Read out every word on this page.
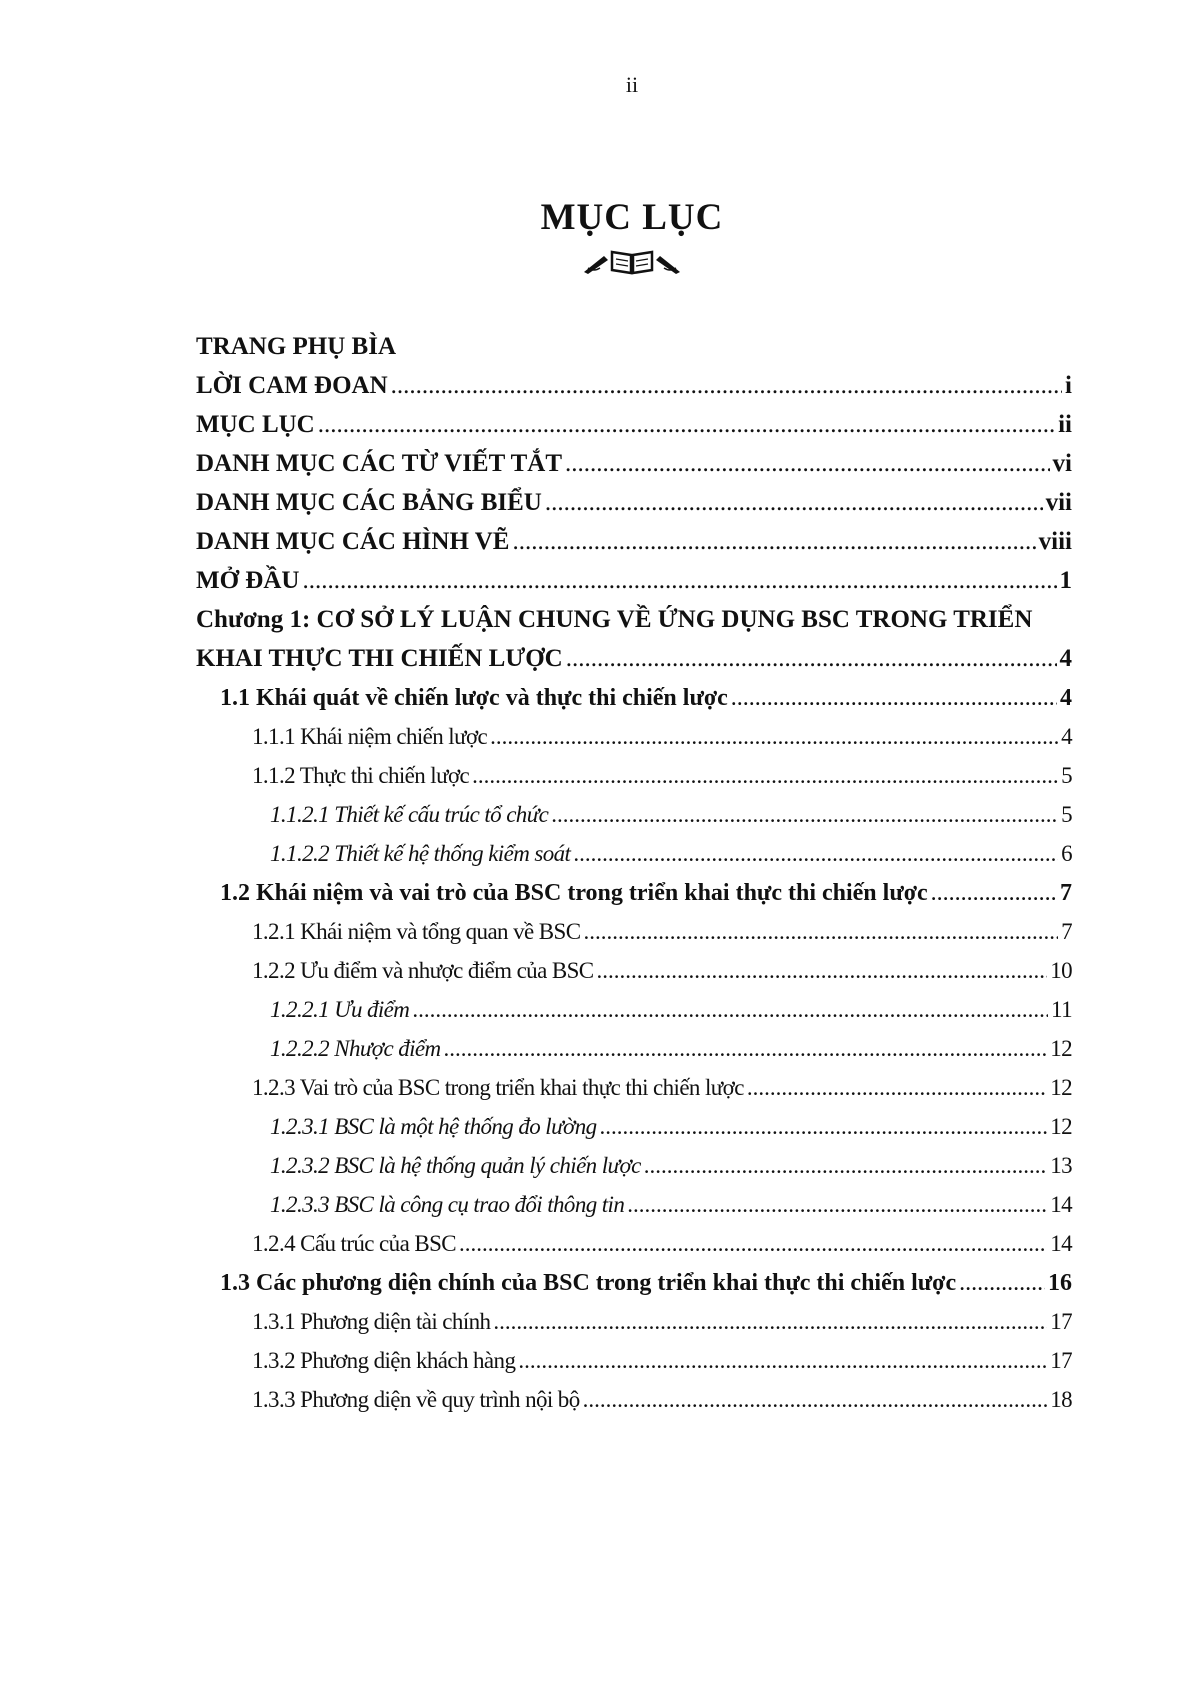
ii
MỤC LỤC
TRANG PHỤ BÌA
LỜI CAM ĐOAN .....	i
MỤC LỤC .....	ii
DANH MỤC CÁC TỪ VIẾT TẮT .....	vi
DANH MỤC CÁC BẢNG BIỂU .....	vii
DANH MỤC CÁC HÌNH VẼ .....	viii
MỞ ĐẦU .....	1
Chương 1: CƠ SỞ LÝ LUẬN CHUNG VỀ ỨNG DỤNG BSC TRONG TRIỂN
KHAI THỰC THI CHIẾN LƯỢC .....	4
1.1 Khái quát về chiến lược và thực thi chiến lược .....	4
1.1.1 Khái niệm chiến lược .....	4
1.1.2 Thực thi chiến lược .....	5
1.1.2.1 Thiết kế cấu trúc tổ chức .....	5
1.1.2.2 Thiết kế hệ thống kiểm soát .....	6
1.2 Khái niệm và vai trò của BSC trong triển khai thực thi chiến lược .....	7
1.2.1 Khái niệm và tổng quan về BSC .....	7
1.2.2 Ưu điểm và nhược điểm của BSC .....	10
1.2.2.1 Ưu điểm .....	11
1.2.2.2 Nhược điểm .....	12
1.2.3 Vai trò của BSC trong triển khai thực thi chiến lược .....	12
1.2.3.1 BSC là một hệ thống đo lường .....	12
1.2.3.2 BSC là hệ thống quản lý chiến lược .....	13
1.2.3.3 BSC là công cụ trao đổi thông tin .....	14
1.2.4 Cấu trúc của BSC .....	14
1.3 Các phương diện chính của BSC trong triển khai thực thi chiến lược .....	16
1.3.1 Phương diện tài chính .....	17
1.3.2 Phương diện khách hàng .....	17
1.3.3 Phương diện về quy trình nội bộ .....	18
